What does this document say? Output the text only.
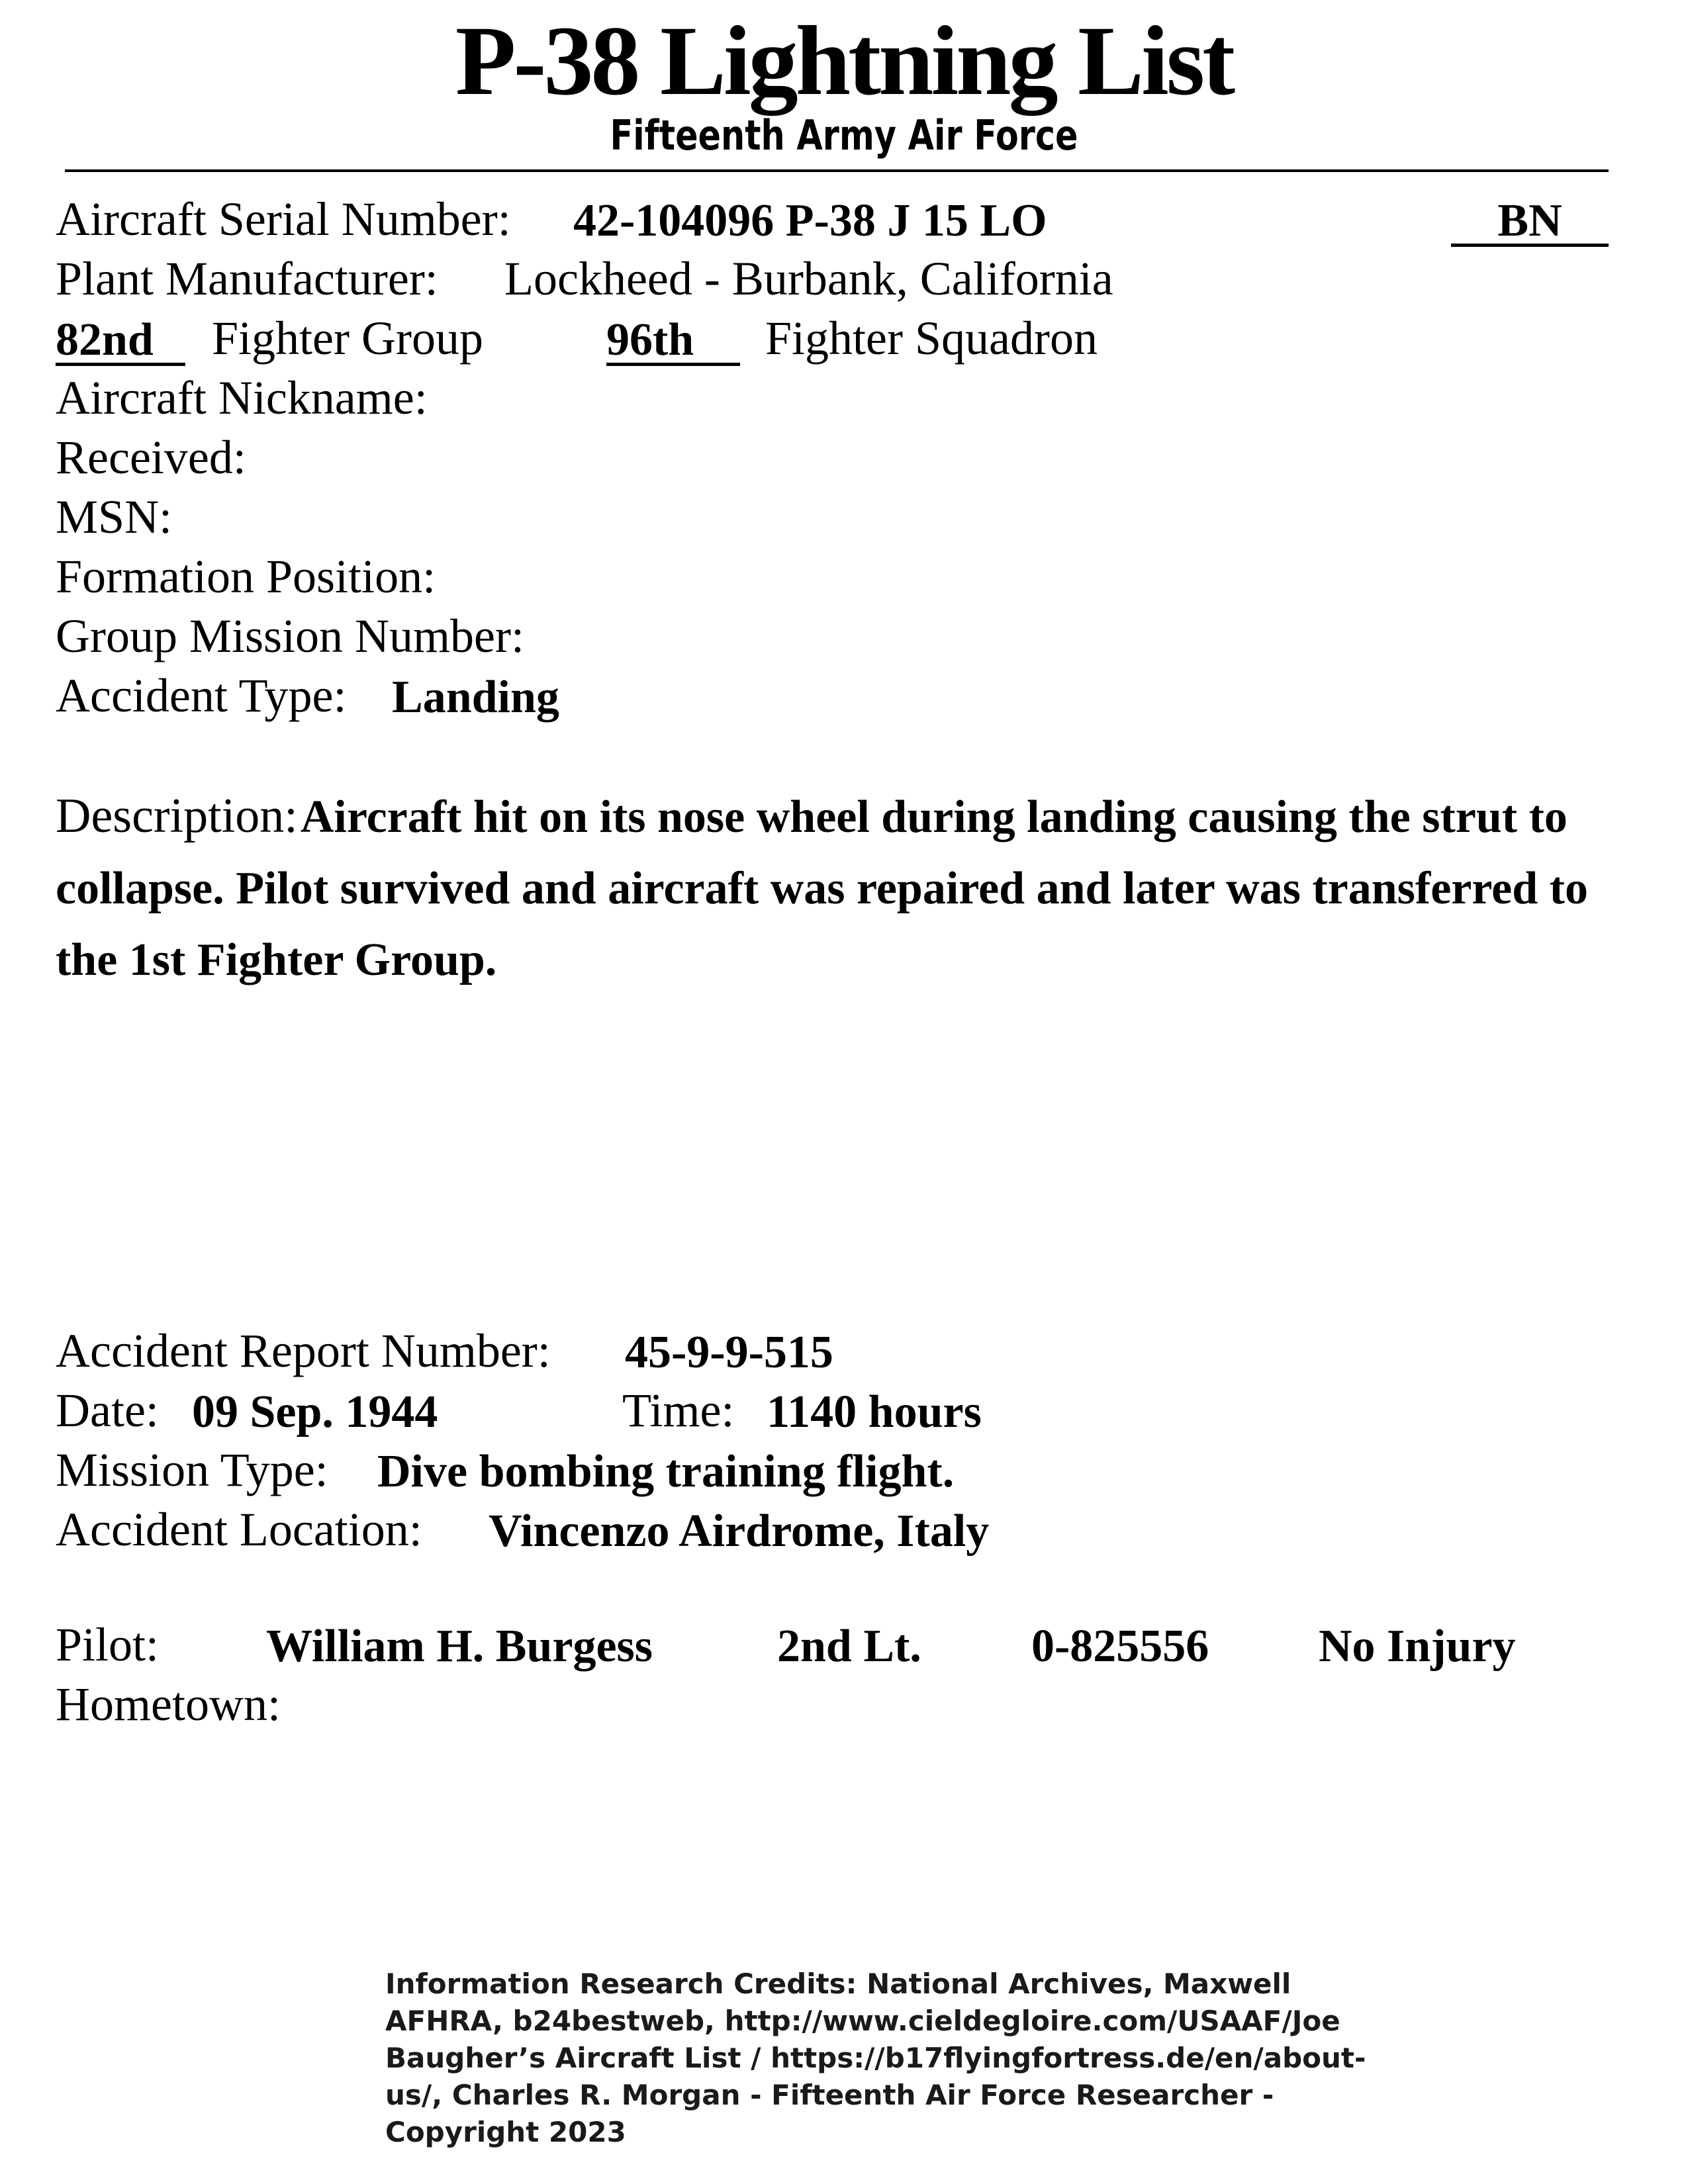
P-38 Lightning List
Fifteenth Army Air Force
Aircraft Serial Number: 42-104096 P-38 J 15 LO	BN
Plant Manufacturer: Lockheed - Burbank, California
82nd	Fighter Group	96th	Fighter Squadron
Aircraft Nickname:
Received:
MSN:
Formation Position:
Group Mission Number:
Accident Type: Landing
Description: Aircraft hit on its nose wheel during landing causing the strut to collapse. Pilot survived and aircraft was repaired and later was transferred to the 1st Fighter Group.
Accident Report Number: 45-9-9-515
Date: 09 Sep. 1944	Time: 1140 hours
Mission Type: Dive bombing training flight.
Accident Location: Vincenzo Airdrome, Italy
Pilot: William H. Burgess	2nd Lt. 0-825556 No Injury
Hometown:
Information Research Credits: National Archives, Maxwell AFHRA, b24bestweb, http://www.cieldegloire.com/USAAF/Joe Baugher’s Aircraft List / https://b17flyingfortress.de/en/about-us/, Charles R. Morgan - Fifteenth Air Force Researcher - Copyright 2023
